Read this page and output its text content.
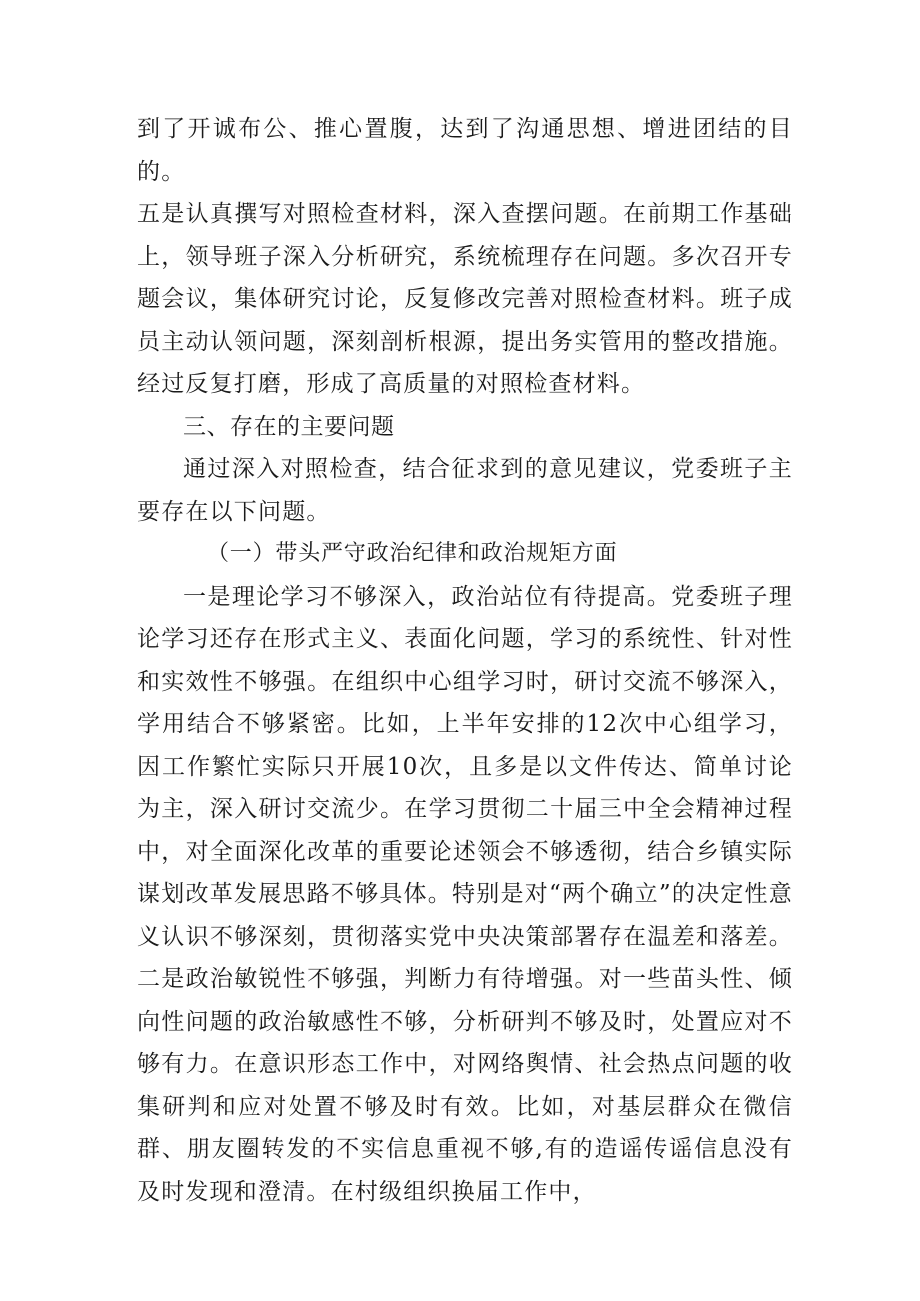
到了开诚布公、推心置腹，达到了沟通思想、增进团结的目的。

五是认真撰写对照检查材料，深入查摆问题。在前期工作基础上，领导班子深入分析研究，系统梳理存在问题。多次召开专题会议，集体研究讨论，反复修改完善对照检查材料。班子成员主动认领问题，深刻剖析根源，提出务实管用的整改措施。经过反复打磨，形成了高质量的对照检查材料。

三、存在的主要问题

通过深入对照检查，结合征求到的意见建议，党委班子主要存在以下问题。

（一）带头严守政治纪律和政治规矩方面

一是理论学习不够深入，政治站位有待提高。党委班子理论学习还存在形式主义、表面化问题，学习的系统性、针对性和实效性不够强。在组织中心组学习时，研讨交流不够深入，学用结合不够紧密。比如，上半年安排的12次中心组学习，因工作繁忙实际只开展10次，且多是以文件传达、简单讨论为主，深入研讨交流少。在学习贯彻二十届三中全会精神过程中，对全面深化改革的重要论述领会不够透彻，结合乡镇实际谋划改革发展思路不够具体。特别是对“两个确立”的决定性意义认识不够深刻，贯彻落实党中央决策部署存在温差和落差。二是政治敏锐性不够强，判断力有待增强。对一些苗头性、倾向性问题的政治敏感性不够，分析研判不够及时，处置应对不够有力。在意识形态工作中，对网络舆情、社会热点问题的收集研判和应对处置不够及时有效。比如，对基层群众在微信群、朋友圈转发的不实信息重视不够,有的造谣传谣信息没有及时发现和澄清。在村级组织换届工作中，
